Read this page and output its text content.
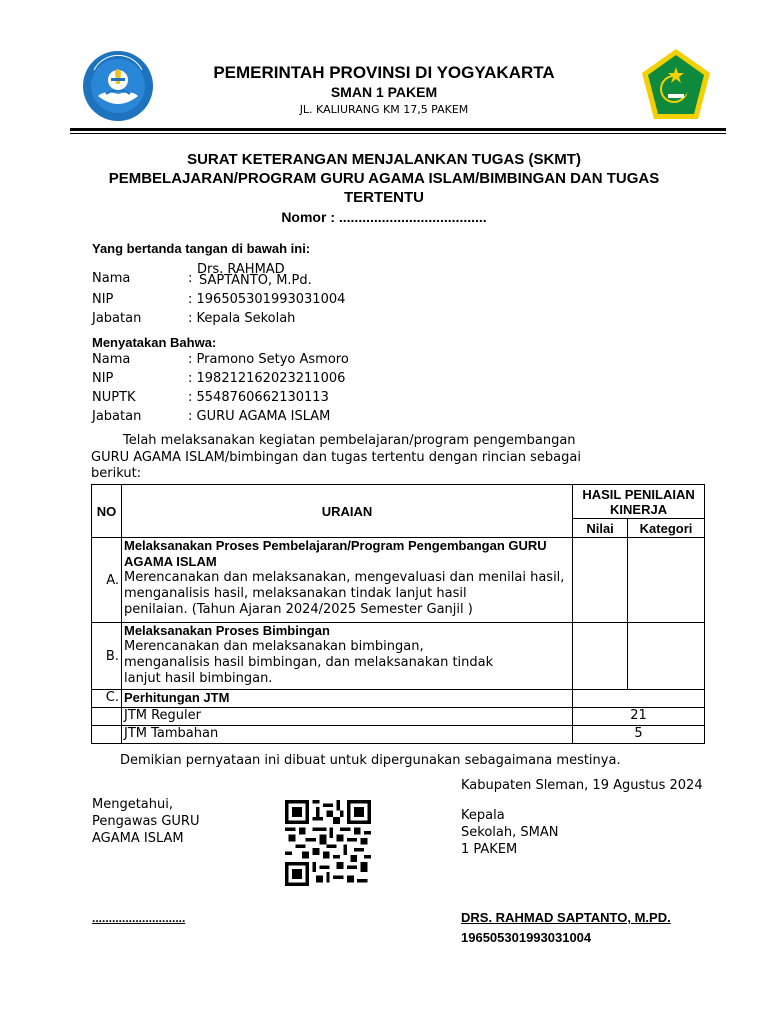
PEMERINTAH PROVINSI DI YOGYAKARTA
SMAN 1 PAKEM
JL. KALIURANG KM 17,5 PAKEM
SURAT KETERANGAN MENJALANKAN TUGAS (SKMT)
PEMBELAJARAN/PROGRAM GURU AGAMA ISLAM/BIMBINGAN DAN TUGAS
TERTENTU
Nomor : ......................................
Yang bertanda tangan di bawah ini:
Nama	:
Drs. RAHMAD
SAPTANTO, M.Pd.
NIP	: 196505301993031004
Jabatan	: Kepala Sekolah
Menyatakan Bahwa:
Nama	: Pramono Setyo Asmoro
NIP	: 198212162023211006
NUPTK	: 5548760662130113
Jabatan	: GURU AGAMA ISLAM
Telah melaksanakan kegiatan pembelajaran/program pengembangan
GURU AGAMA ISLAM/bimbingan dan tugas tertentu dengan rincian sebagai
berikut:
NO	URAIAN	HASIL PENILAIAN KINERJA	
		Nilai	Kategori
A.	Melaksanakan Proses Pembelajaran/Program Pengembangan GURU AGAMA ISLAM
Merencanakan dan melaksanakan, mengevaluasi dan menilai hasil,
menganalisis hasil, melaksanakan tindak lanjut hasil
penilaian. (Tahun Ajaran 2024/2025 Semester Ganjil )		

B.	Melaksanakan Proses Bimbingan
Merencanakan dan melaksanakan bimbingan,
menganalisis hasil bimbingan, dan melaksanakan tindak
lanjut hasil bimbingan.		

C.	Perhitungan JTM		
	JTM Reguler	21	
	JTM Tambahan	5	
Demikian pernyataan ini dibuat untuk dipergunakan sebagaimana mestinya.
Kabupaten Sleman, 19 Agustus 2024
Mengetahui,
Pengawas GURU
AGAMA ISLAM
............................
Kepala
Sekolah, SMAN
1 PAKEM
DRS. RAHMAD SAPTANTO, M.PD.
196505301993031004
